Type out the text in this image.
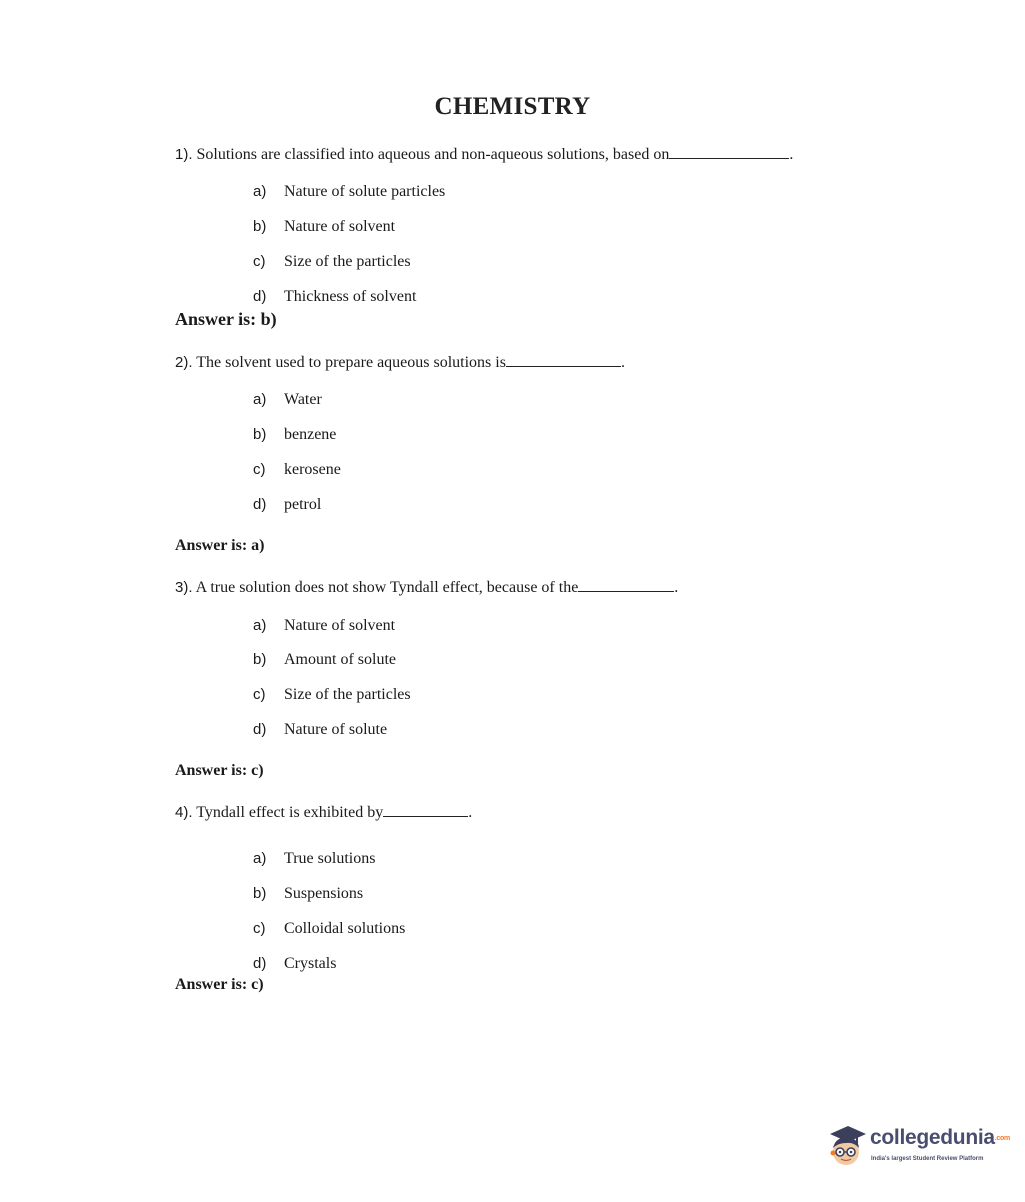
CHEMISTRY
1). Solutions are classified into aqueous and non-aqueous solutions, based on	.
a) Nature of solute particles
b) Nature of solvent
c) Size of the particles
d) Thickness of solvent
Answer is: b)
2). The solvent used to prepare aqueous solutions is	.
a) Water
b) benzene
c) kerosene
d) petrol
Answer is: a)
3). A true solution does not show Tyndall effect, because of the	.
a) Nature of solvent
b) Amount of solute
c) Size of the particles
d) Nature of solute
Answer is: c)
4). Tyndall effect is exhibited by	.
a) True solutions
b) Suspensions
c) Colloidal solutions
d) Crystals
Answer is: c)
collegedunia.com
India's largest Student Review Platform
